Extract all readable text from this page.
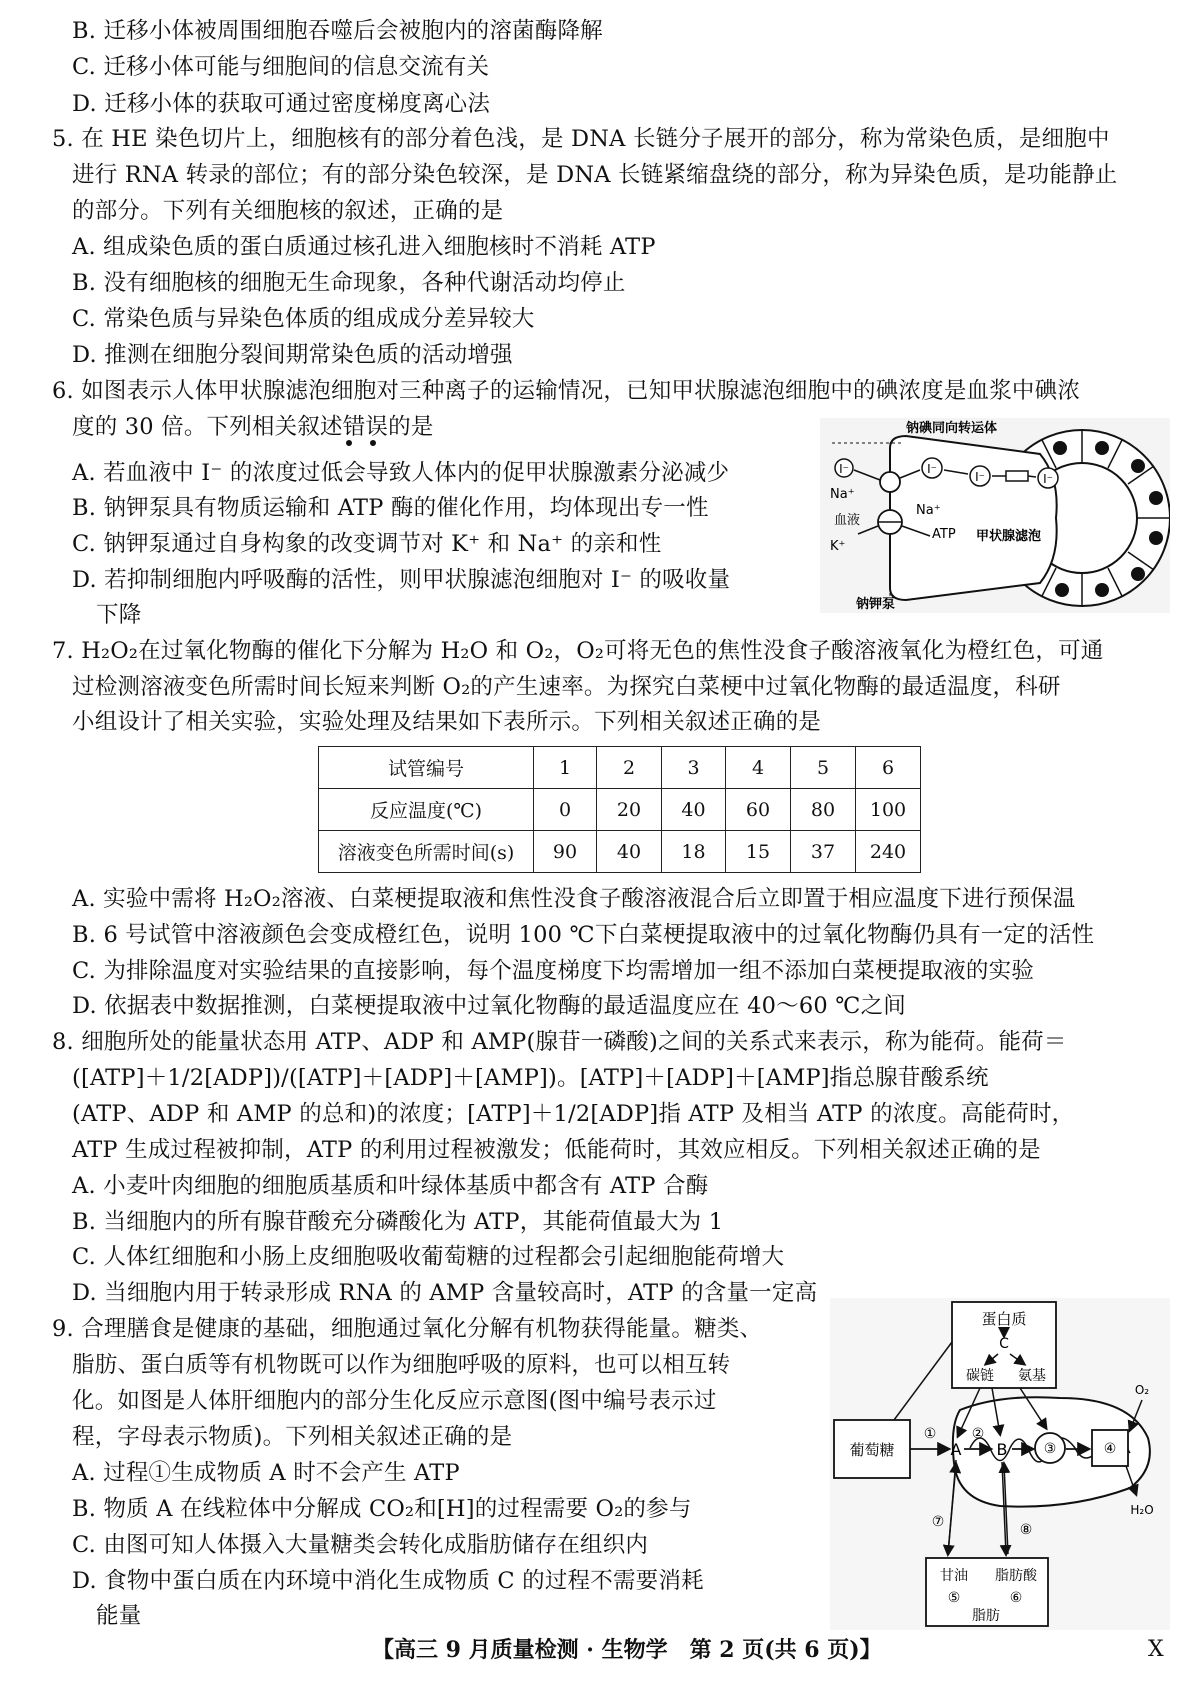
B. 迁移小体被周围细胞吞噬后会被胞内的溶菌酶降解
C. 迁移小体可能与细胞间的信息交流有关
D. 迁移小体的获取可通过密度梯度离心法
5. 在 HE 染色切片上，细胞核有的部分着色浅，是 DNA 长链分子展开的部分，称为常染色质，是细胞中
进行 RNA 转录的部位；有的部分染色较深，是 DNA 长链紧缩盘绕的部分，称为异染色质，是功能静止
的部分。下列有关细胞核的叙述，正确的是
A. 组成染色质的蛋白质通过核孔进入细胞核时不消耗 ATP
B. 没有细胞核的细胞无生命现象，各种代谢活动均停止
C. 常染色质与异染色体质的组成成分差异较大
D. 推测在细胞分裂间期常染色质的活动增强
6. 如图表示人体甲状腺滤泡细胞对三种离子的运输情况，已知甲状腺滤泡细胞中的碘浓度是血浆中碘浓
度的 30 倍。下列相关叙述错误的是
A. 若血液中 I⁻ 的浓度过低会导致人体内的促甲状腺激素分泌减少
B. 钠钾泵具有物质运输和 ATP 酶的催化作用，均体现出专一性
C. 钠钾泵通过自身构象的改变调节对 K⁺ 和 Na⁺ 的亲和性
D. 若抑制细胞内呼吸酶的活性，则甲状腺滤泡细胞对 I⁻ 的吸收量
下降
I⁻	I⁻
I⁻	I⁻
钠碘同向转运体
Na⁺
血液
K⁺
Na⁺
ATP 甲状腺滤泡
钠钾泵
7. H₂O₂在过氧化物酶的催化下分解为 H₂O 和 O₂，O₂可将无色的焦性没食子酸溶液氧化为橙红色，可通
过检测溶液变色所需时间长短来判断 O₂的产生速率。为探究白菜梗中过氧化物酶的最适温度，科研
小组设计了相关实验，实验处理及结果如下表所示。下列相关叙述正确的是
试管编号	1	2	3	4	5	6
反应温度(℃)	0	20	40	60	80	100
溶液变色所需时间(s)	90	40	18	15	37	240
A. 实验中需将 H₂O₂溶液、白菜梗提取液和焦性没食子酸溶液混合后立即置于相应温度下进行预保温
B. 6 号试管中溶液颜色会变成橙红色，说明 100 ℃下白菜梗提取液中的过氧化物酶仍具有一定的活性
C. 为排除温度对实验结果的直接影响，每个温度梯度下均需增加一组不添加白菜梗提取液的实验
D. 依据表中数据推测，白菜梗提取液中过氧化物酶的最适温度应在 40～60 ℃之间
8. 细胞所处的能量状态用 ATP、ADP 和 AMP(腺苷一磷酸)之间的关系式来表示，称为能荷。能荷＝
([ATP]＋1/2[ADP])/([ATP]＋[ADP]＋[AMP])。[ATP]＋[ADP]＋[AMP]指总腺苷酸系统
(ATP、ADP 和 AMP 的总和)的浓度；[ATP]＋1/2[ADP]指 ATP 及相当 ATP 的浓度。高能荷时，
ATP 生成过程被抑制，ATP 的利用过程被激发；低能荷时，其效应相反。下列相关叙述正确的是
A. 小麦叶肉细胞的细胞质基质和叶绿体基质中都含有 ATP 合酶
B. 当细胞内的所有腺苷酸充分磷酸化为 ATP，其能荷值最大为 1
C. 人体红细胞和小肠上皮细胞吸收葡萄糖的过程都会引起细胞能荷增大
D. 当细胞内用于转录形成 RNA 的 AMP 含量较高时，ATP 的含量一定高
9. 合理膳食是健康的基础，细胞通过氧化分解有机物获得能量。糖类、
脂肪、蛋白质等有机物既可以作为细胞呼吸的原料，也可以相互转
化。如图是人体肝细胞内的部分生化反应示意图(图中编号表示过
程，字母表示物质)。下列相关叙述正确的是
A. 过程①生成物质 A 时不会产生 ATP
B. 物质 A 在线粒体中分解成 CO₂和[H]的过程需要 O₂的参与
C. 由图可知人体摄入大量糖类会转化成脂肪储存在组织内
D. 食物中蛋白质在内环境中消化生成物质 C 的过程不需要消耗
能量
蛋白质
C
碳链 氨基
葡萄糖
①
A
②
B	③	④
O₂
H₂O
甘油 脂肪酸
⑤	⑥
脂肪
⑦	⑧
【高三 9 月质量检测 · 生物学　第 2 页(共 6 页)】	X
